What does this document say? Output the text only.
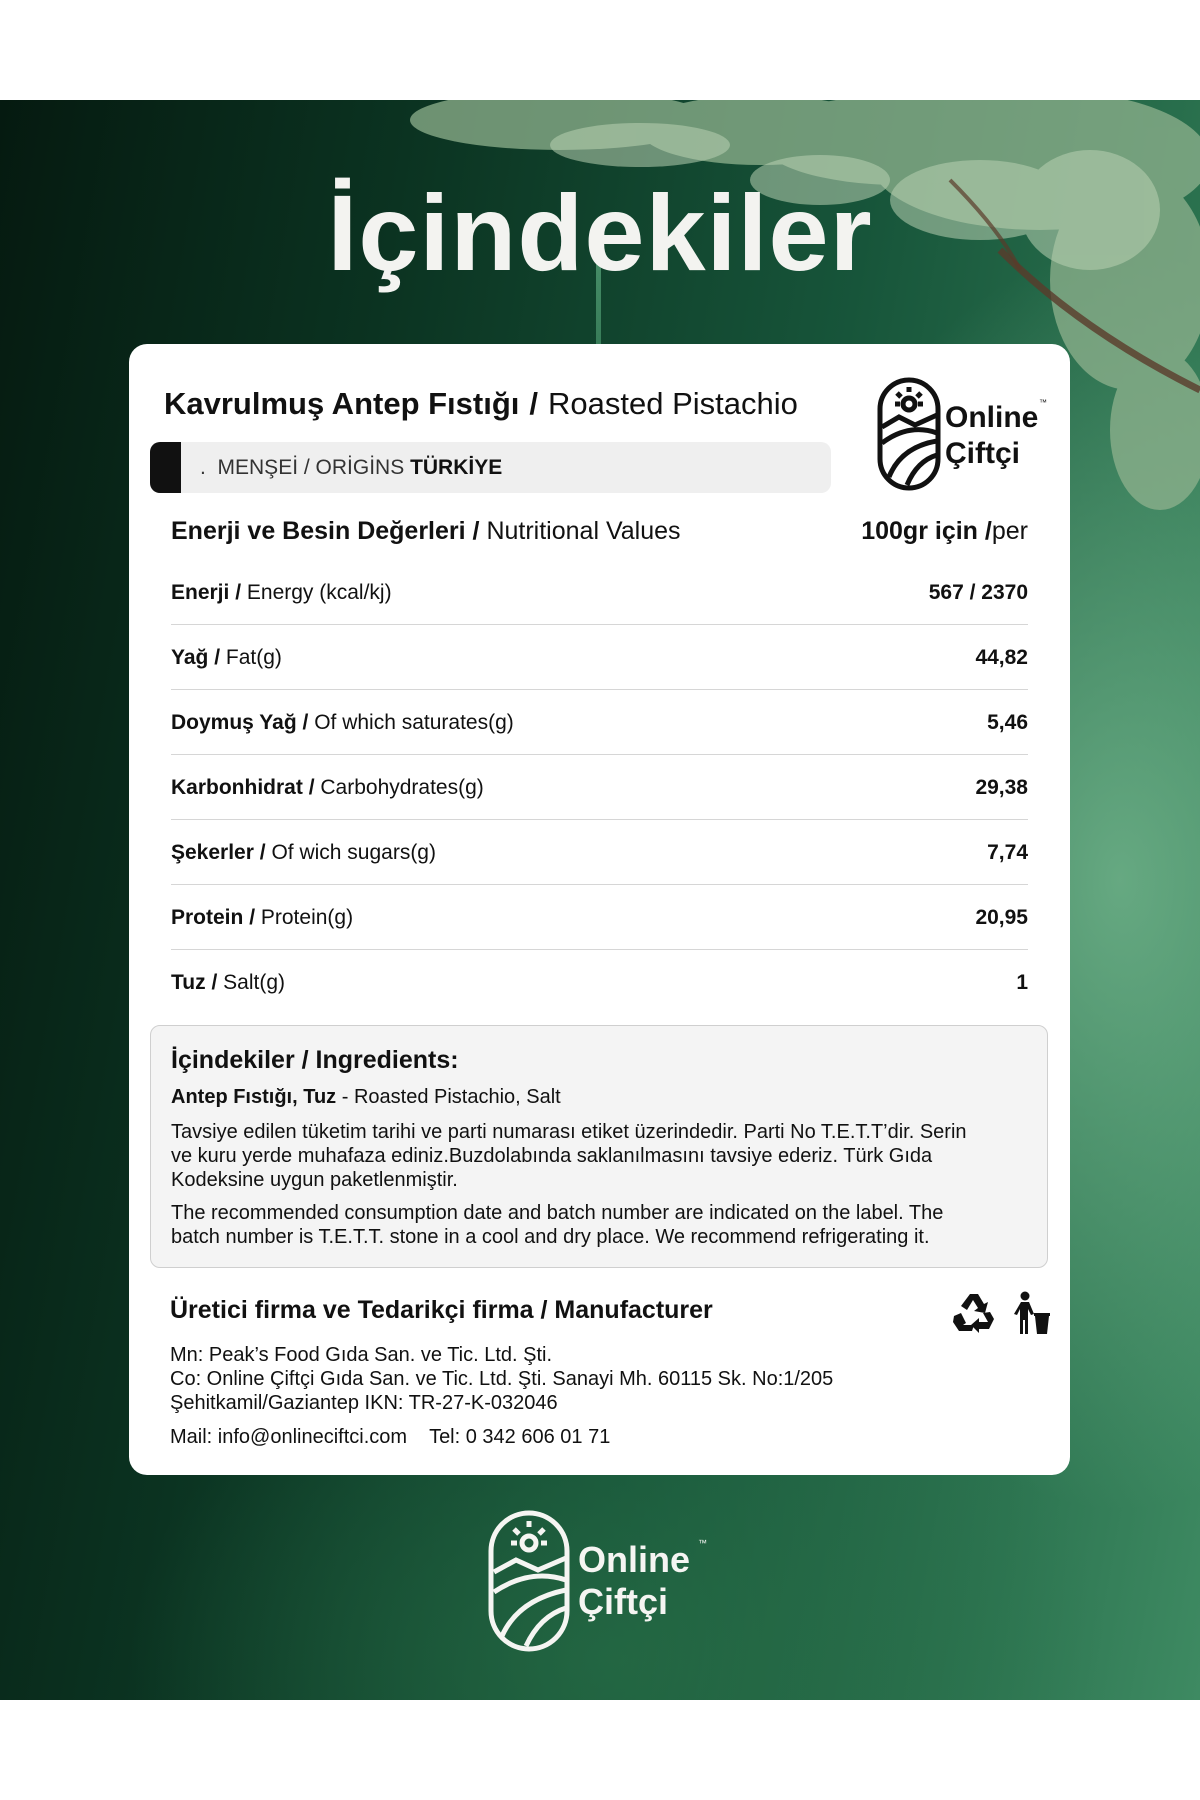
İçindekiler
Kavrulmuş Antep Fıstığı / Roasted Pistachio
. MENŞEİ / ORİGİNS TÜRKİYE
Online
Çiftçi
™
Enerji ve Besin Değerleri / Nutritional Values	100gr için /per
Enerji / Energy (kcal/kj)	567 / 2370
Yağ / Fat(g)	44,82
Doymuş Yağ / Of which saturates(g)	5,46
Karbonhidrat / Carbohydrates(g)	29,38
Şekerler / Of wich sugars(g)	7,74
Protein / Protein(g)	20,95
Tuz / Salt(g)	1
İçindekiler / Ingredients:
Antep Fıstığı, Tuz - Roasted Pistachio, Salt

Tavsiye edilen tüketim tarihi ve parti numarası etiket üzerindedir. Parti No T.E.T.T’dir. Serin
ve kuru yerde muhafaza ediniz.Buzdolabında saklanılmasını tavsiye ederiz. Türk Gıda
Kodeksine uygun paketlenmiştir.

The recommended consumption date and batch number are indicated on the label. The
batch number is T.E.T.T. stone in a cool and dry place. We recommend refrigerating it.

Üretici firma ve Tedarikçi firma / Manufacturer
Mn: Peak’s Food Gıda San. ve Tic. Ltd. Şti.
Co: Online Çiftçi Gıda San. ve Tic. Ltd. Şti. Sanayi Mh. 60115 Sk. No:1/205
Şehitkamil/Gaziantep IKN: TR-27-K-032046
Mail: info@onlineciftci.com Tel: 0 342 606 01 71
Online
Çiftçi
™
